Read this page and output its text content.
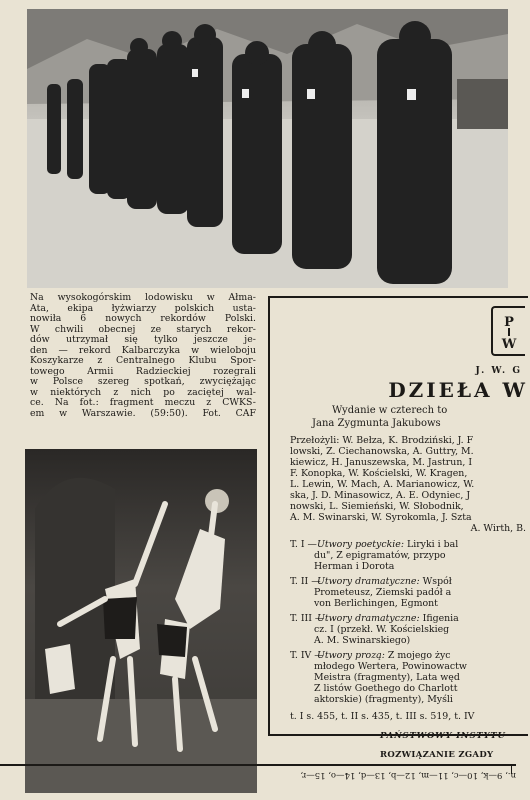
Na wysokogórskim lodowisku w Ałma-
Ata, ekipa łyżwiarzy polskich usta-
nowiła 6 nowych rekordów Polski.
W chwili obecnej ze starych rekor-
dów utrzymał się tylko jeszcze je-
den — rekord Kalbarczyka w wieloboju
Koszykarze z Centralnego Klubu Spor-
towego Armii Radzieckiej rozegrali
w Polsce szereg spotkań, zwyciężając
w niektórych z nich po zaciętej wal-
ce. Na fot.: fragment meczu z CWKS-
em w Warszawie. (59:50). Fot. CAF
P
W
J. W. G
DZIEŁA W
Wydanie w czterech to
Jana Zygmunta Jakubows
Przełożyli: W. Bełza, K. Brodziński, J. F
lowski, Z. Ciechanowska, A. Guttry, M.
kiewicz, H. Januszewska, M. Jastrun, I
F. Konopka, W. Kościelski, W. Kragen,
L. Lewin, W. Mach, A. Marianowicz, W.
ska, J. D. Minasowicz, A. E. Odyniec, J
nowski, L. Siemieński, W. Słobodnik,
A. M. Swinarski, W. Syrokomla, J. Szta
A. Wirth, B.
T. I — Utwory poetyckie: Liryki i bal
du", Z epigramatów, przypo
Herman i Dorota
T. II — Utwory dramatyczne: Współ
Prometeusz, Ziemski padół a
von Berlichingen, Egmont
T. III — Utwory dramatyczne: Ifigenia
cz. I (przekł. W. Kościelskieg
A. M. Swinarskiego)
T. IV — Utwory prozą: Z mojego życ
młodego Wertera, Powinowactw
Meistra (fragmenty), Lata węd
Z listów Goethego do Charlott
aktorskie) (fragmenty), Myśli
t. I s. 455, t. II s. 435, t. III s. 519, t. IV
PAŃSTWOWY INSTYTU
ROZWIĄZANIE ZGADY
n., 9—k, 10—c, 11—m, 12—b, 13—d, 14—o, 15—r,
